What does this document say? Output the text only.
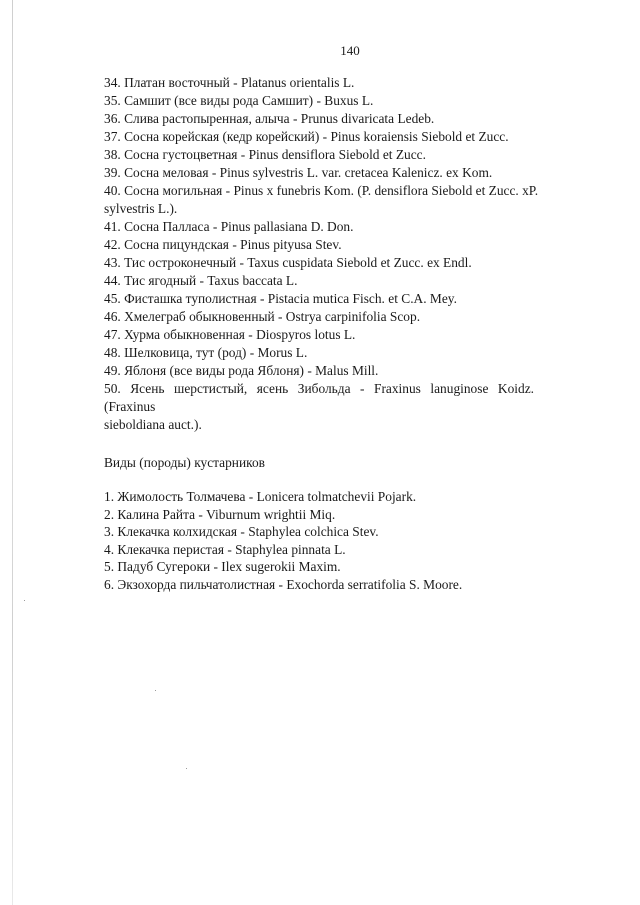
140
34. Платан восточный - Platanus orientalis L.
35. Самшит (все виды рода Самшит) - Buxus L.
36. Слива растопыренная, алыча - Prunus divaricata Ledeb.
37. Сосна корейская (кедр корейский) - Pinus koraiensis Siebold et Zucc.
38. Сосна густоцветная - Pinus densiflora Siebold et Zucc.
39. Сосна меловая - Pinus sylvestris L. var. cretacea Kalenicz. ex Kom.
40. Сосна могильная - Pinus x funebris Kom. (P. densiflora Siebold et Zucc. xP.
sylvestris L.).
41. Сосна Палласа - Pinus pallasiana D. Don.
42. Сосна пицундская - Pinus pityusa Stev.
43. Тис остроконечный - Taxus cuspidata Siebold et Zucc. ex Endl.
44. Тис ягодный - Taxus baccata L.
45. Фисташка туполистная - Pistacia mutica Fisch. et C.A. Mey.
46. Хмелеграб обыкновенный - Ostrya carpinifolia Scop.
47. Хурма обыкновенная - Diospyros lotus L.
48. Шелковица, тут (род) - Morus L.
49. Яблоня (все виды рода Яблоня) - Malus Mill.
50. Ясень шерстистый, ясень Зибольда - Fraxinus lanuginose Koidz. (Fraxinus
sieboldiana auct.).
Виды (породы) кустарников
1. Жимолость Толмачева - Lonicera tolmatchevii Pojark.
2. Калина Райта - Viburnum wrightii Miq.
3. Клекачка колхидская - Staphylea colchica Stev.
4. Клекачка перистая - Staphylea pinnata L.
5. Падуб Сугероки - Ilex sugerokii Maxim.
6. Экзохорда пильчатолистная - Exochorda serratifolia S. Moore.
